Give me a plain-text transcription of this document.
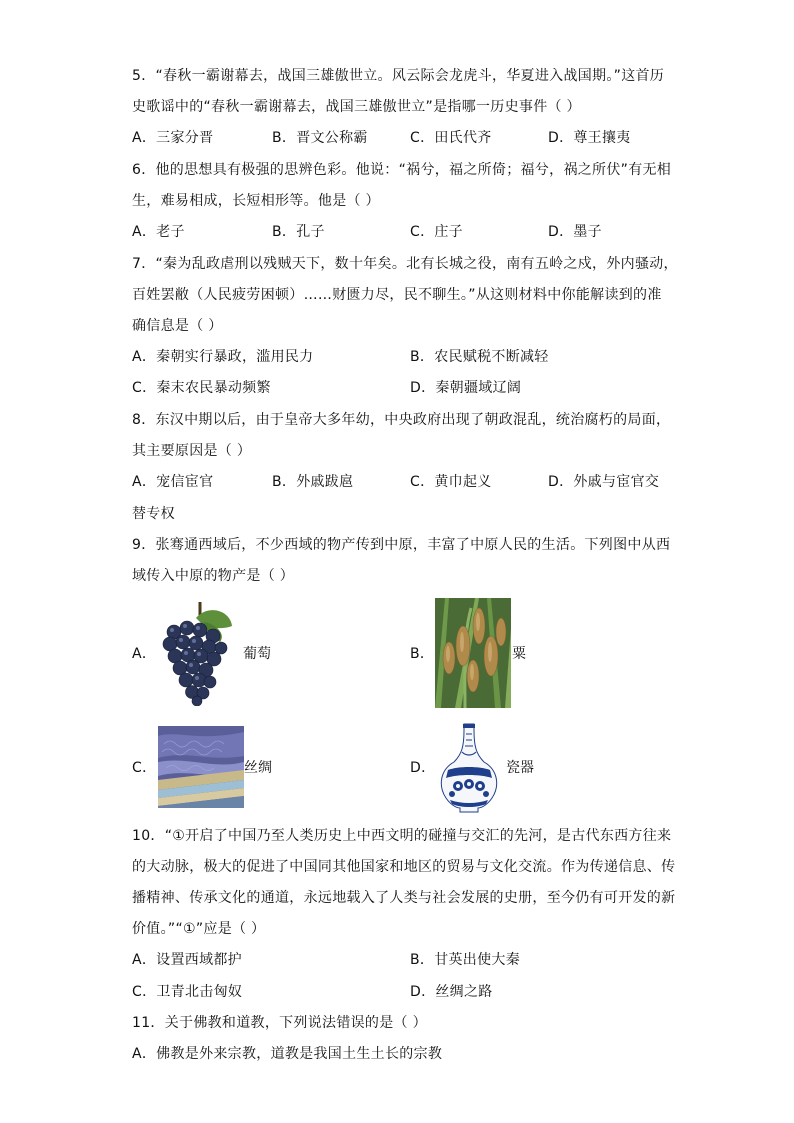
5．“春秋一霸谢幕去，战国三雄傲世立。风云际会龙虎斗，华夏进入战国期。”这首历
史歌谣中的“春秋一霸谢幕去，战国三雄傲世立”是指哪一历史事件（ ）
A．三家分晋	B．晋文公称霸	C．田氏代齐	D．尊王攘夷
6．他的思想具有极强的思辨色彩。他说：“祸兮，福之所倚；福兮，祸之所伏”有无相
生，难易相成，长短相形等。他是（ ）
A．老子	B．孔子	C．庄子	D．墨子
7．“秦为乱政虐刑以残贼天下，数十年矣。北有长城之役，南有五岭之戍，外内骚动，
百姓罢敝（人民疲劳困顿）……财匮力尽，民不聊生。”从这则材料中你能解读到的准
确信息是（ ）
A．秦朝实行暴政，滥用民力	B．农民赋税不断减轻
C．秦末农民暴动频繁	D．秦朝疆域辽阔
8．东汉中期以后，由于皇帝大多年幼，中央政府出现了朝政混乱，统治腐朽的局面，
其主要原因是（ ）
A．宠信宦官	B．外戚跋扈	C．黄巾起义	D．外戚与宦官交
替专权
9．张骞通西域后，不少西域的物产传到中原，丰富了中原人民的生活。下列图中从西
域传入中原的物产是（ ）
A．	葡萄	B．	粟
C．	丝绸	D．	瓷器
10．“①开启了中国乃至人类历史上中西文明的碰撞与交汇的先河，是古代东西方往来
的大动脉，极大的促进了中国同其他国家和地区的贸易与文化交流。作为传递信息、传
播精神、传承文化的通道，永远地载入了人类与社会发展的史册，至今仍有可开发的新
价值。”“①”应是（ ）
A．设置西域都护	B．甘英出使大秦
C．卫青北击匈奴	D．丝绸之路
11．关于佛教和道教，下列说法错误的是（ ）
A．佛教是外来宗教，道教是我国土生土长的宗教
